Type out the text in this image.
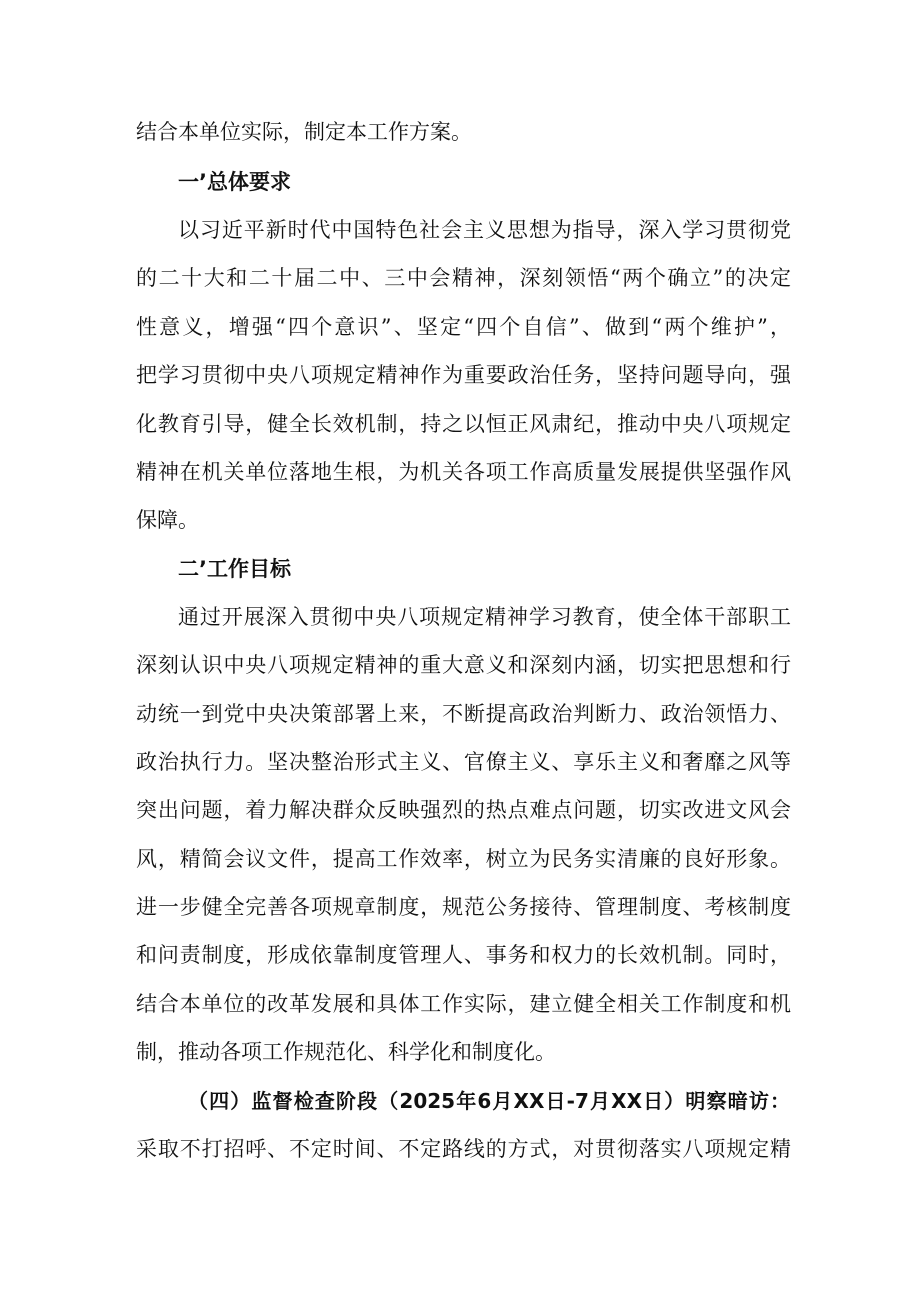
结合本单位实际，制定本工作方案。
一’总体要求
以习近平新时代中国特色社会主义思想为指导，深入学习贯彻党
的二十大和二十届二中、三中会精神，深刻领悟“两个确立”的决定
性意义，增强“四个意识”、坚定“四个自信”、做到“两个维护”，
把学习贯彻中央八项规定精神作为重要政治任务，坚持问题导向，强
化教育引导，健全长效机制，持之以恒正风肃纪，推动中央八项规定
精神在机关单位落地生根，为机关各项工作高质量发展提供坚强作风
保障。
二’工作目标
通过开展深入贯彻中央八项规定精神学习教育，使全体干部职工
深刻认识中央八项规定精神的重大意义和深刻内涵，切实把思想和行
动统一到党中央决策部署上来，不断提高政治判断力、政治领悟力、
政治执行力。坚决整治形式主义、官僚主义、享乐主义和奢靡之风等
突出问题，着力解决群众反映强烈的热点难点问题，切实改进文风会
风，精简会议文件，提高工作效率，树立为民务实清廉的良好形象。
进一步健全完善各项规章制度，规范公务接待、管理制度、考核制度
和问责制度，形成依靠制度管理人、事务和权力的长效机制。同时，
结合本单位的改革发展和具体工作实际，建立健全相关工作制度和机
制，推动各项工作规范化、科学化和制度化。
（四）监督检查阶段（2025年6月XX日-7月XX日）明察暗访：
采取不打招呼、不定时间、不定路线的方式，对贯彻落实八项规定精
